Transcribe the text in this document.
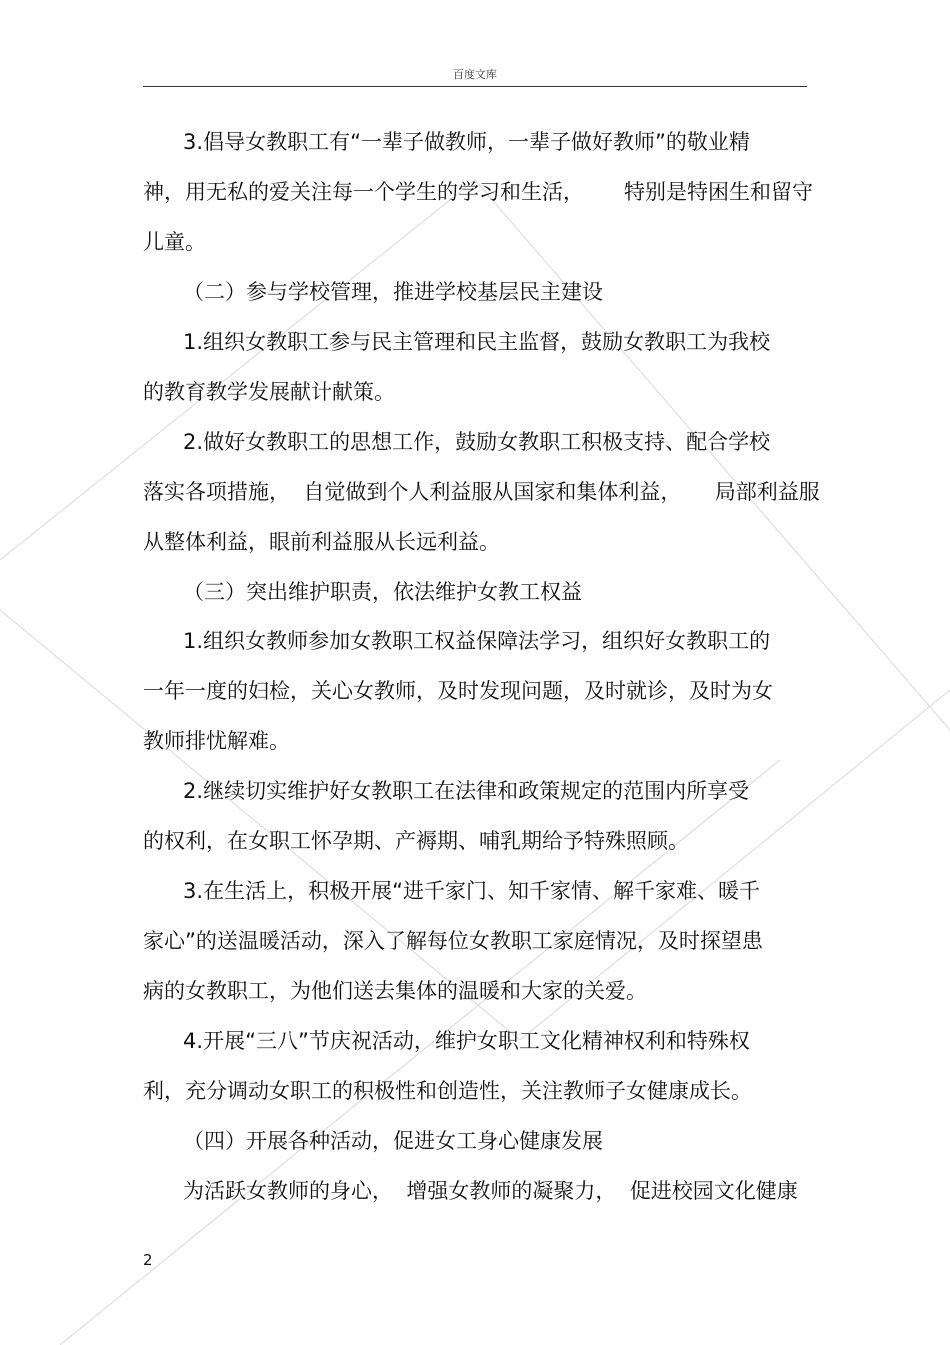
百度文库
3.倡导女教职工有“一辈子做教师，一辈子做好教师”的敬业精
神，用无私的爱关注每一个学生的学习和生活，      特别是特困生和留守
儿童。
（二）参与学校管理，推进学校基层民主建设
1.组织女教职工参与民主管理和民主监督，鼓励女教职工为我校
的教育教学发展献计献策。
2.做好女教职工的思想工作，鼓励女教职工积极支持、配合学校
落实各项措施，  自觉做到个人利益服从国家和集体利益，     局部利益服
从整体利益，眼前利益服从长远利益。
（三）突出维护职责，依法维护女教工权益
1.组织女教师参加女教职工权益保障法学习，组织好女教职工的
一年一度的妇检，关心女教师，及时发现问题，及时就诊，及时为女
教师排忧解难。
2.继续切实维护好女教职工在法律和政策规定的范围内所享受
的权利，在女职工怀孕期、产褥期、哺乳期给予特殊照顾。
3.在生活上，积极开展“进千家门、知千家情、解千家难、暖千
家心”的送温暖活动，深入了解每位女教职工家庭情况，及时探望患
病的女教职工，为他们送去集体的温暖和大家的关爱。
4.开展“三八”节庆祝活动，维护女职工文化精神权利和特殊权
利，充分调动女职工的积极性和创造性，关注教师子女健康成长。
（四）开展各种活动，促进女工身心健康发展
为活跃女教师的身心，  增强女教师的凝聚力，  促进校园文化健康
2
